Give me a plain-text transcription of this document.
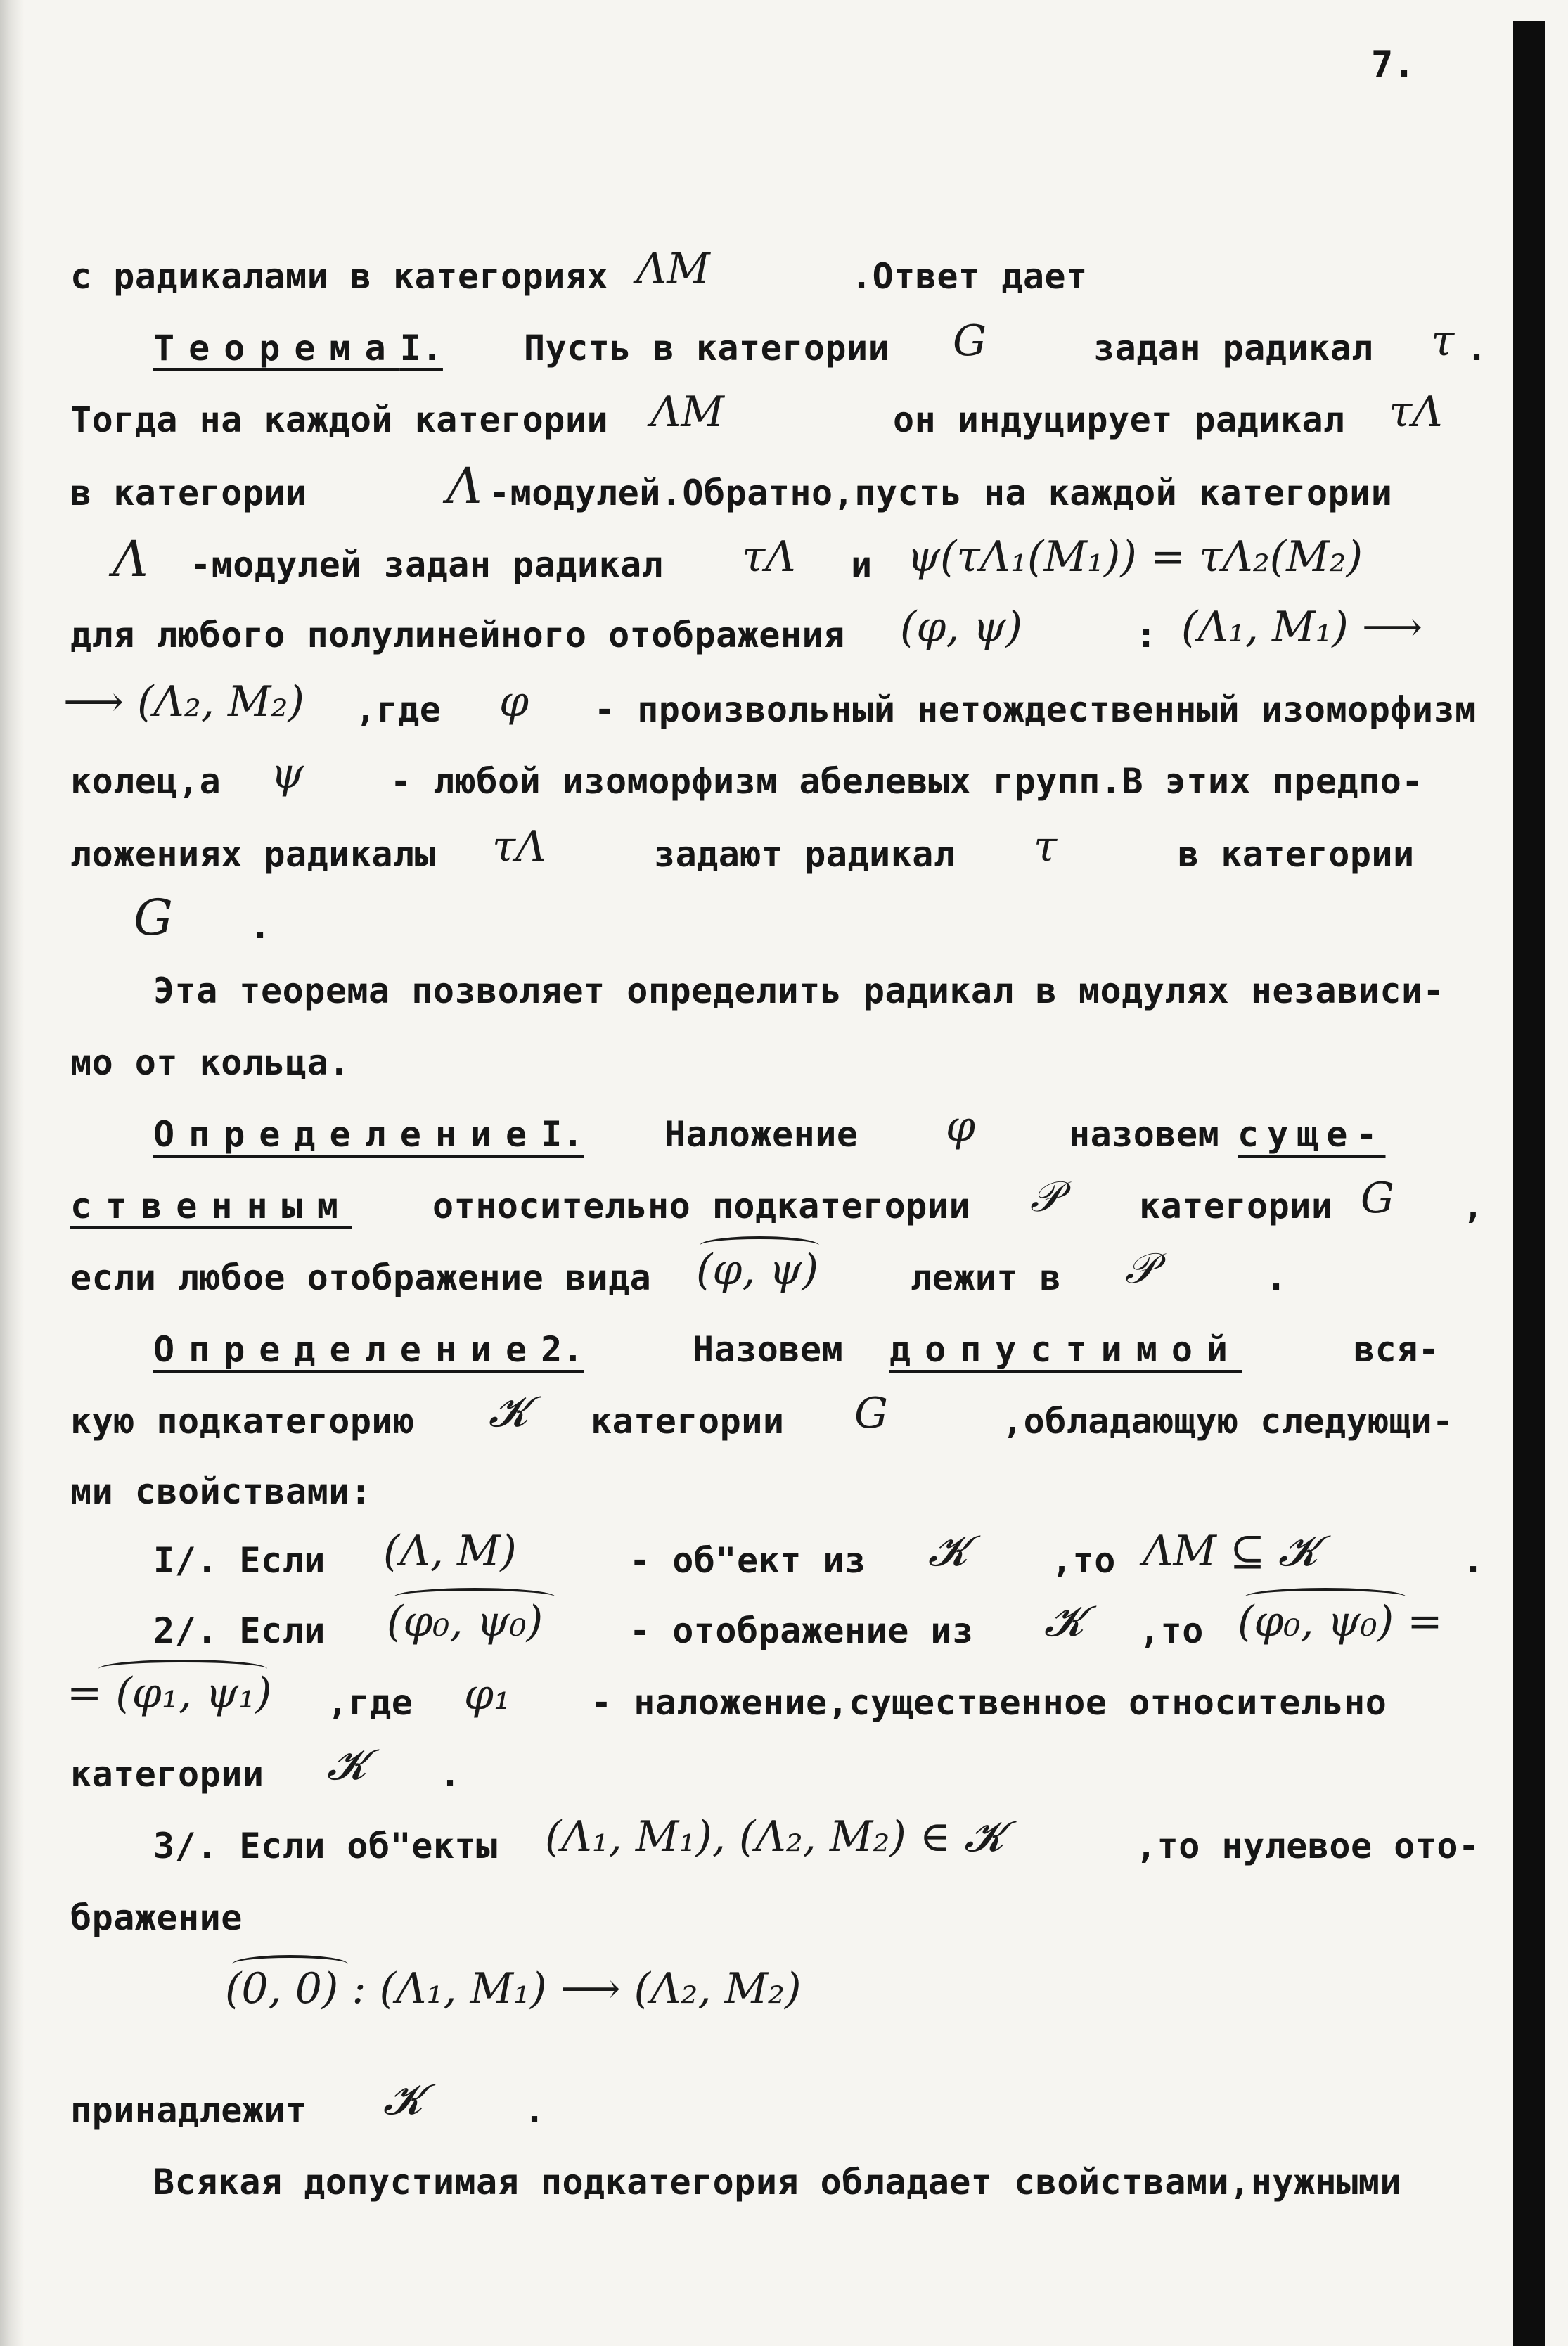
7.
с радикалами в категориях ΛM	.Ответ дает
ТеоремаI. Пусть в категории G	задан радикал τ .
Тогда на каждой категории ΛM	он индуцирует радикал τΛ
в категории	Λ -модулей.Обратно,пусть на каждой категории
Λ -модулей задан радикал τΛ и ψ(τΛ₁(M₁)) = τΛ₂(M₂)
для любого полулинейного отображения (φ, ψ)	: (Λ₁, M₁) ⟶
⟶ (Λ₂, M₂) ,где φ - произвольный нетождественный изоморфизм
колец,а ψ - любой изоморфизм абелевых групп.В этих предпо-
ложениях радикалы τΛ	задают радикал τ	в категории
G .
Эта теорема позволяет определить радикал в модулях независи-
мо от кольца.
ОпределениеI. Наложение φ	назовем суще-
ственным относительно подкатегории 𝒫 категории G ,
если любое отображение вида (φ, ψ)	лежит в 𝒫	.
Определение2.	Назовем допустимой	вся-
кую подкатегорию 𝓚 категории G	,обладающую следующи-
ми свойствами:
I/. Если (Λ, M)	- об"ект из 𝓚 ,то ΛM ⊆ 𝓚	.
2/. Если (φ₀, ψ₀) - отображение из 𝓚 ,то (φ₀, ψ₀) =
= (φ₁, ψ₁) ,где φ₁ - наложение,существенное относительно
категории 𝓚 .
3/. Если об"екты (Λ₁, M₁), (Λ₂, M₂) ∈ 𝓚	,то нулевое ото-
бражение
(0, 0) : (Λ₁, M₁) ⟶ (Λ₂, M₂)
принадлежит 𝓚	.
Всякая допустимая подкатегория обладает свойствами,нужными
